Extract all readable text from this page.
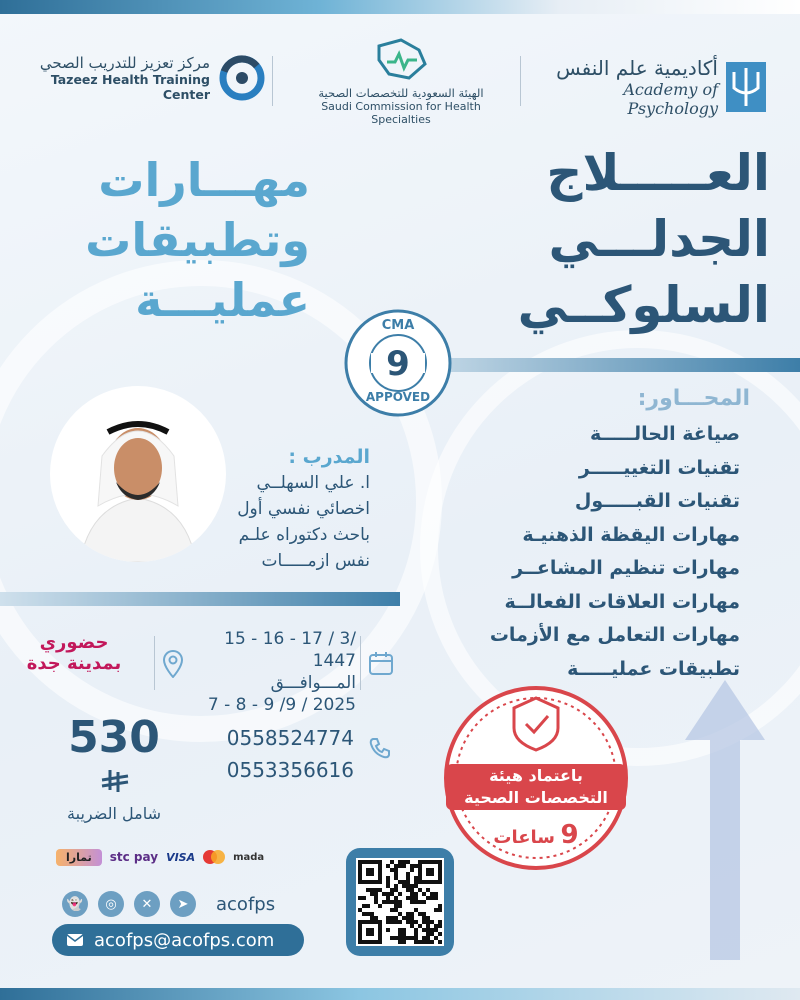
مركز تعزيز للتدريب الصحي
Tazeez Health Training Center	الهيئة السعودية للتخصصات الصحية
Saudi Commission for Health Specialties
أكاديمية علم النفس
Academy of Psychology
العـــــلاج
الجدلـــي
السلوكــي
مهـــارات
وتطبيقات
عمليـــة	CMA
9
APPOVED	المحـــاور:
صياغة الحالـــــة
تقنيات التغييـــــر
تقنيات القبـــــول
مهارات اليقظة الذهنيـة
مهارات تنظيم المشاعــر
مهارات العلاقات الفعالــة
مهارات التعامل مع الأزمات
تطبيقات عمليـــــة
المدرب :
ا. علي السهلــي
اخصائي نفسي أول
باحث دكتوراه علـم
نفس ازمـــــات
15 - 16 - 17 / 3/ 1447
المـــوافـــق
7 - 8 - 9 /9 / 2025
حضوري
بمدينة جدة
0558524774
0553356616
530
شامل الضريبة
تمارا	stc pay VISA	mada
👻	◎	✕	➤	acofps
acofps@acofps.com
باعتماد هيئة
التخصصات الصحية
9 ساعات
